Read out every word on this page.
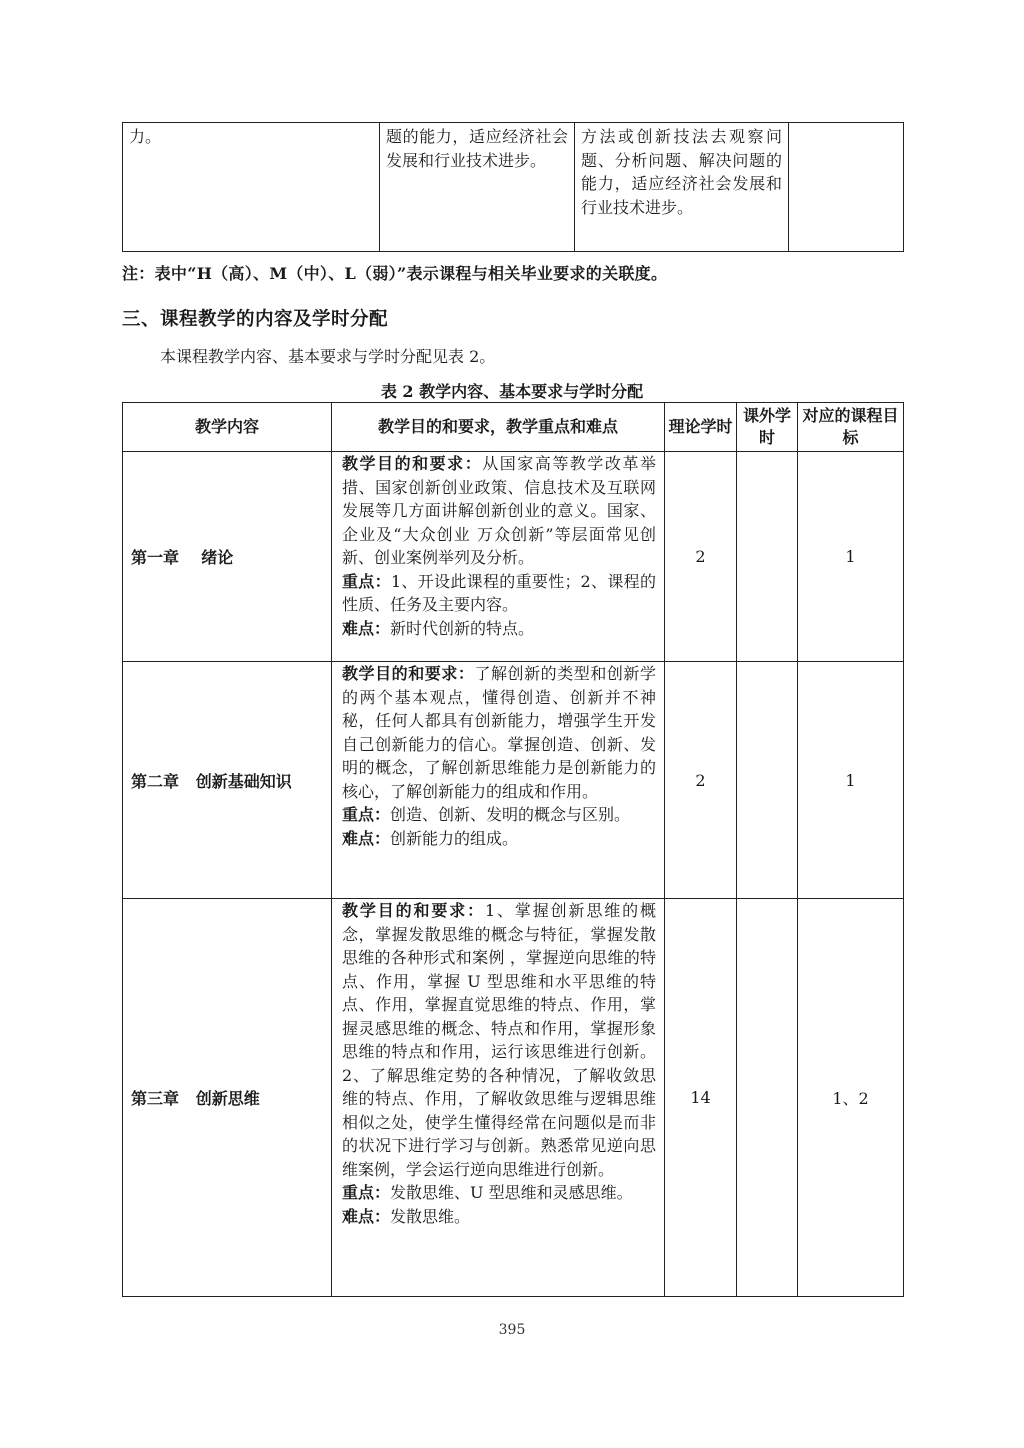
力。	题的能力，适应经济社会发展和行业技术进步。	方法或创新技法去观察问题、分析问题、解决问题的能力，适应经济社会发展和行业技术进步。	
注：表中“H（高）、M（中）、L（弱）”表示课程与相关毕业要求的关联度。
三、课程教学的内容及学时分配
本课程教学内容、基本要求与学时分配见表 2。
表 2 教学内容、基本要求与学时分配
教学内容	教学目的和要求，教学重点和难点	理论学时	课外学时	对应的课程目标
第一章    绪论	教学目的和要求：从国家高等教学改革举措、国家创新创业政策、信息技术及互联网发展等几方面讲解创新创业的意义。国家、企业及“大众创业 万众创新”等层面常见创新、创业案例举列及分析。
重点：1、开设此课程的重要性；2、课程的性质、任务及主要内容。
难点：新时代创新的特点。	2		1
第二章   创新基础知识	教学目的和要求：了解创新的类型和创新学的两个基本观点，懂得创造、创新并不神秘，任何人都具有创新能力，增强学生开发自己创新能力的信心。掌握创造、创新、发明的概念，了解创新思维能力是创新能力的核心，了解创新能力的组成和作用。
重点：创造、创新、发明的概念与区别。
难点：创新能力的组成。	2		1
第三章   创新思维	教学目的和要求：1、掌握创新思维的概念，掌握发散思维的概念与特征，掌握发散思维的各种形式和案例 ，掌握逆向思维的特点、作用，掌握 U 型思维和水平思维的特点、作用，掌握直觉思维的特点、作用，掌握灵感思维的概念、特点和作用，掌握形象思维的特点和作用，运行该思维进行创新。2、了解思维定势的各种情况，了解收敛思维的特点、作用，了解收敛思维与逻辑思维相似之处，使学生懂得经常在问题似是而非的状况下进行学习与创新。熟悉常见逆向思维案例，学会运行逆向思维进行创新。
重点：发散思维、U 型思维和灵感思维。
难点：发散思维。	14		1、2
395
